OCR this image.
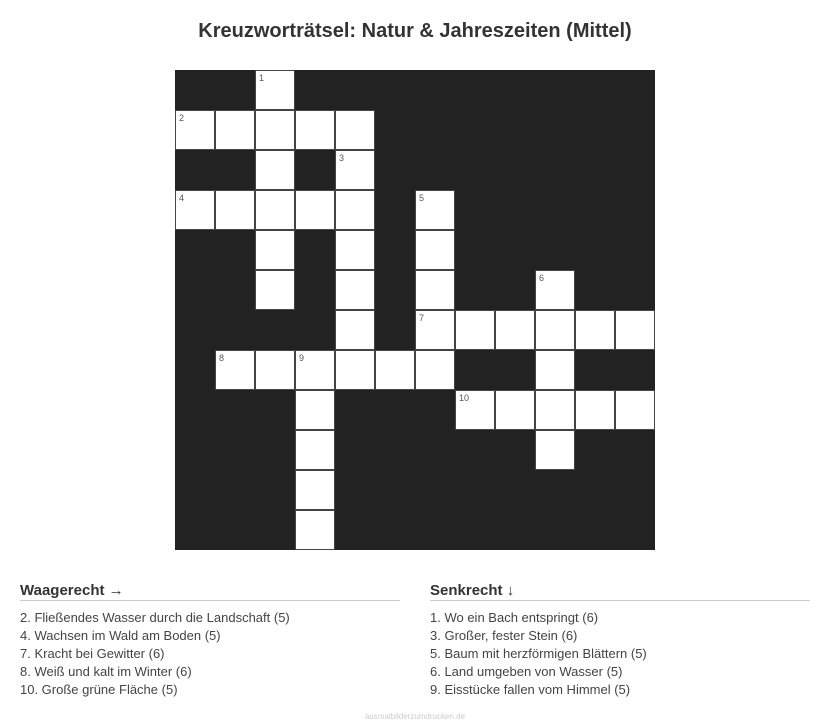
Kreuzworträtsel: Natur & Jahreszeiten (Mittel)
1
2
3
4	5
6
7
8	9
10
Waagerecht →
2. Fließendes Wasser durch die Landschaft (5)
4. Wachsen im Wald am Boden (5)
7. Kracht bei Gewitter (6)
8. Weiß und kalt im Winter (6)
10. Große grüne Fläche (5)
Senkrecht ↓
1. Wo ein Bach entspringt (6)
3. Großer, fester Stein (6)
5. Baum mit herzförmigen Blättern (5)
6. Land umgeben von Wasser (5)
9. Eisstücke fallen vom Himmel (5)
ausmalbilderzumdrucken.de
